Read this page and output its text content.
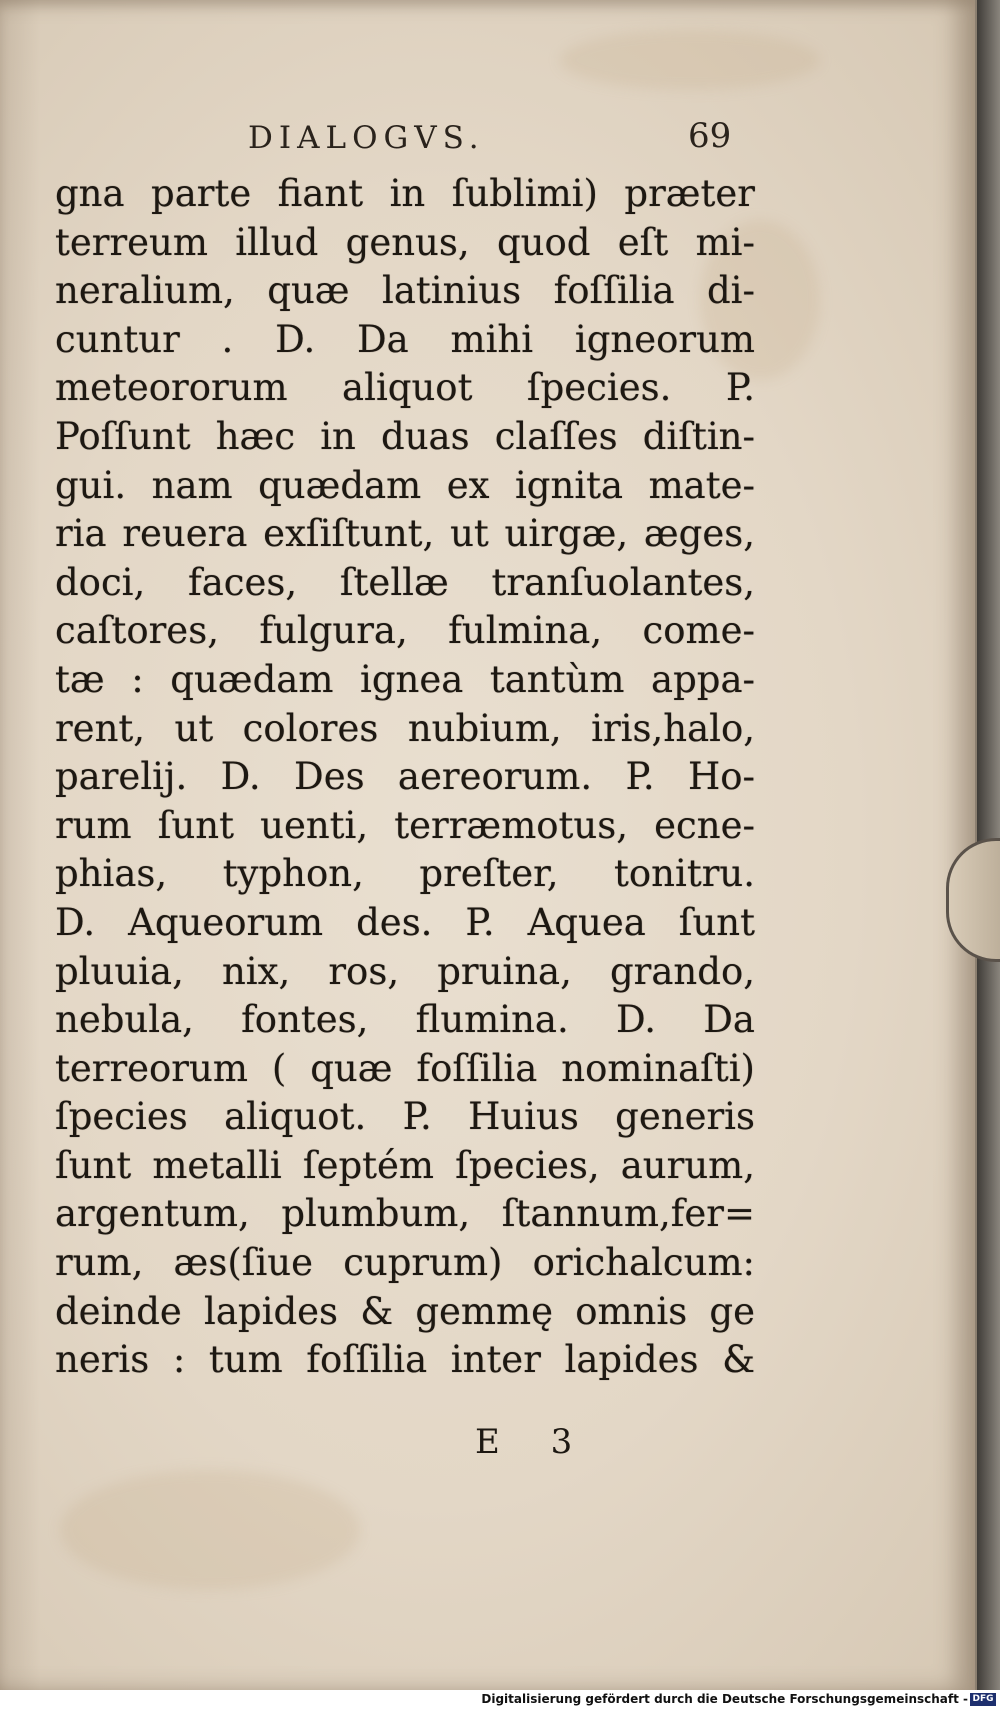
DIALOGVS.	69
gna parte fiant in ſublimi) præter
terreum illud genus, quod eſt mi-
neralium, quæ latinius foſſilia di-
cuntur . D. Da mihi igneorum
meteororum aliquot ſpecies. P.
Poſſunt hæc in duas claſſes diſtin-
gui. nam quædam ex ignita mate-
ria reuera exſiſtunt, ut uirgæ, æges,
doci, faces, ſtellæ tranſuolantes,
caſtores, fulgura, fulmina, come-
tæ : quædam ignea tantùm appa-
rent, ut colores nubium, iris,halo,
parelij. D. Des aereorum. P. Ho-
rum ſunt uenti, terræmotus, ecne-
phias, typhon, preſter, tonitru.
D. Aqueorum des. P. Aquea ſunt
pluuia, nix, ros, pruina, grando,
nebula, fontes, flumina. D. Da
terreorum ( quæ foſſilia nominaſti)
ſpecies aliquot. P. Huius generis
ſunt metalli ſeptém ſpecies, aurum,
argentum, plumbum, ſtannum,fer=
rum, æs(ſiue cuprum) orichalcum:
deinde lapides & gemmę omnis ge
neris : tum foſſilia inter lapides &
E 3
Digitalisierung gefördert durch die Deutsche Forschungsgemeinschaft - DFG
